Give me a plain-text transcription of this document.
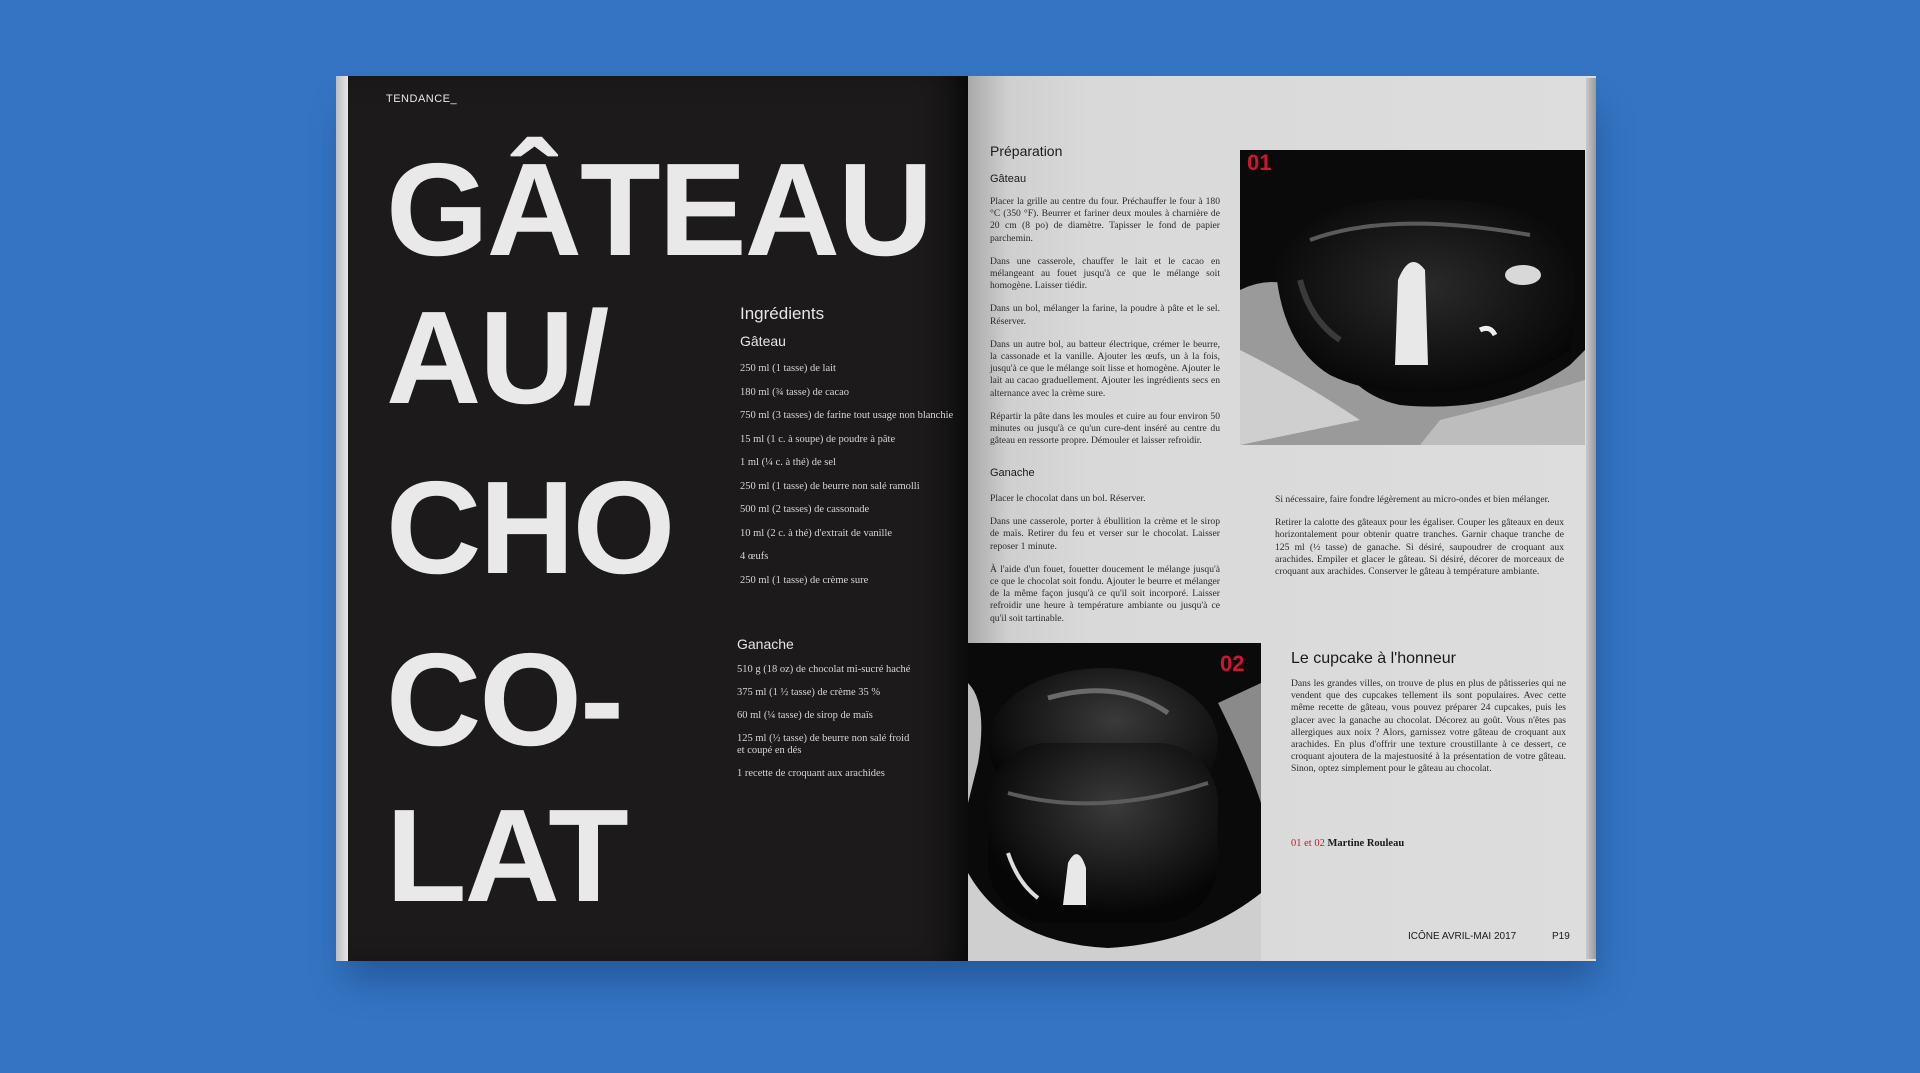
TENDANCE_
GÂTEAU
AU/
CHO
CO-
LAT
Ingrédients
Gâteau
250 ml (1 tasse) de lait
180 ml (¾ tasse) de cacao
750 ml (3 tasses) de farine tout usage non blanchie
15 ml (1 c. à soupe) de poudre à pâte
1 ml (¼ c. à thé) de sel
250 ml (1 tasse) de beurre non salé ramolli
500 ml (2 tasses) de cassonade
10 ml (2 c. à thé) d'extrait de vanille
4 œufs
250 ml (1 tasse) de crème sure
Ganache
510 g (18 oz) de chocolat mi-sucré haché
375 ml (1 ½ tasse) de crème 35 %
60 ml (¼ tasse) de sirop de maïs
125 ml (½ tasse) de beurre non salé froid et coupé en dés
1 recette de croquant aux arachides
Préparation
Gâteau

Placer la grille au centre du four. Préchauffer le four à 180 °C (350 °F). Beurrer et fariner deux moules à charnière de 20 cm (8 po) de diamètre. Tapisser le fond de papier parchemin.

Dans une casserole, chauffer le lait et le cacao en mélangeant au fouet jusqu'à ce que le mélange soit homogène. Laisser tiédir.

Dans un bol, mélanger la farine, la poudre à pâte et le sel. Réserver.

Dans un autre bol, au batteur électrique, crémer le beurre, la cassonade et la vanille. Ajouter les œufs, un à la fois, jusqu'à ce que le mélange soit lisse et homogène. Ajouter le lait au cacao graduellement. Ajouter les ingrédients secs en alternance avec la crème sure.

Répartir la pâte dans les moules et cuire au four environ 50 minutes ou jusqu'à ce qu'un cure-dent inséré au centre du gâteau en ressorte propre. Démouler et laisser refroidir.

Ganache

Placer le chocolat dans un bol. Réserver.

Dans une casserole, porter à ébullition la crème et le sirop de maïs. Retirer du feu et verser sur le chocolat. Laisser reposer 1 minute.

À l'aide d'un fouet, fouetter doucement le mélange jusqu'à ce que le chocolat soit fondu. Ajouter le beurre et mélanger de la même façon jusqu'à ce qu'il soit incorporé. Laisser refroidir une heure à température ambiante ou jusqu'à ce qu'il soit tartinable.

01

Si nécessaire, faire fondre légèrement au micro-ondes et bien mélanger.

Retirer la calotte des gâteaux pour les égaliser. Couper les gâteaux en deux horizontalement pour obtenir quatre tranches. Garnir chaque tranche de 125 ml (½ tasse) de ganache. Si désiré, saupoudrer de croquant aux arachides. Empiler et glacer le gâteau. Si désiré, décorer de morceaux de croquant aux arachides. Conserver le gâteau à température ambiante.

02	Le cupcake à l'honneur

Dans les grandes villes, on trouve de plus en plus de pâtisseries qui ne vendent que des cupcakes tellement ils sont populaires. Avec cette même recette de gâteau, vous pouvez préparer 24 cupcakes, puis les glacer avec la ganache au chocolat. Décorez au goût. Vous n'êtes pas allergiques aux noix ? Alors, garnissez votre gâteau de croquant aux arachides. En plus d'offrir une texture croustillante à ce dessert, ce croquant ajoutera de la majestuosité à la présentation de votre gâteau. Sinon, optez simplement pour le gâteau au chocolat.

01 et 02 Martine Rouleau
ICÔNE AVRIL-MAI 2017	P19
